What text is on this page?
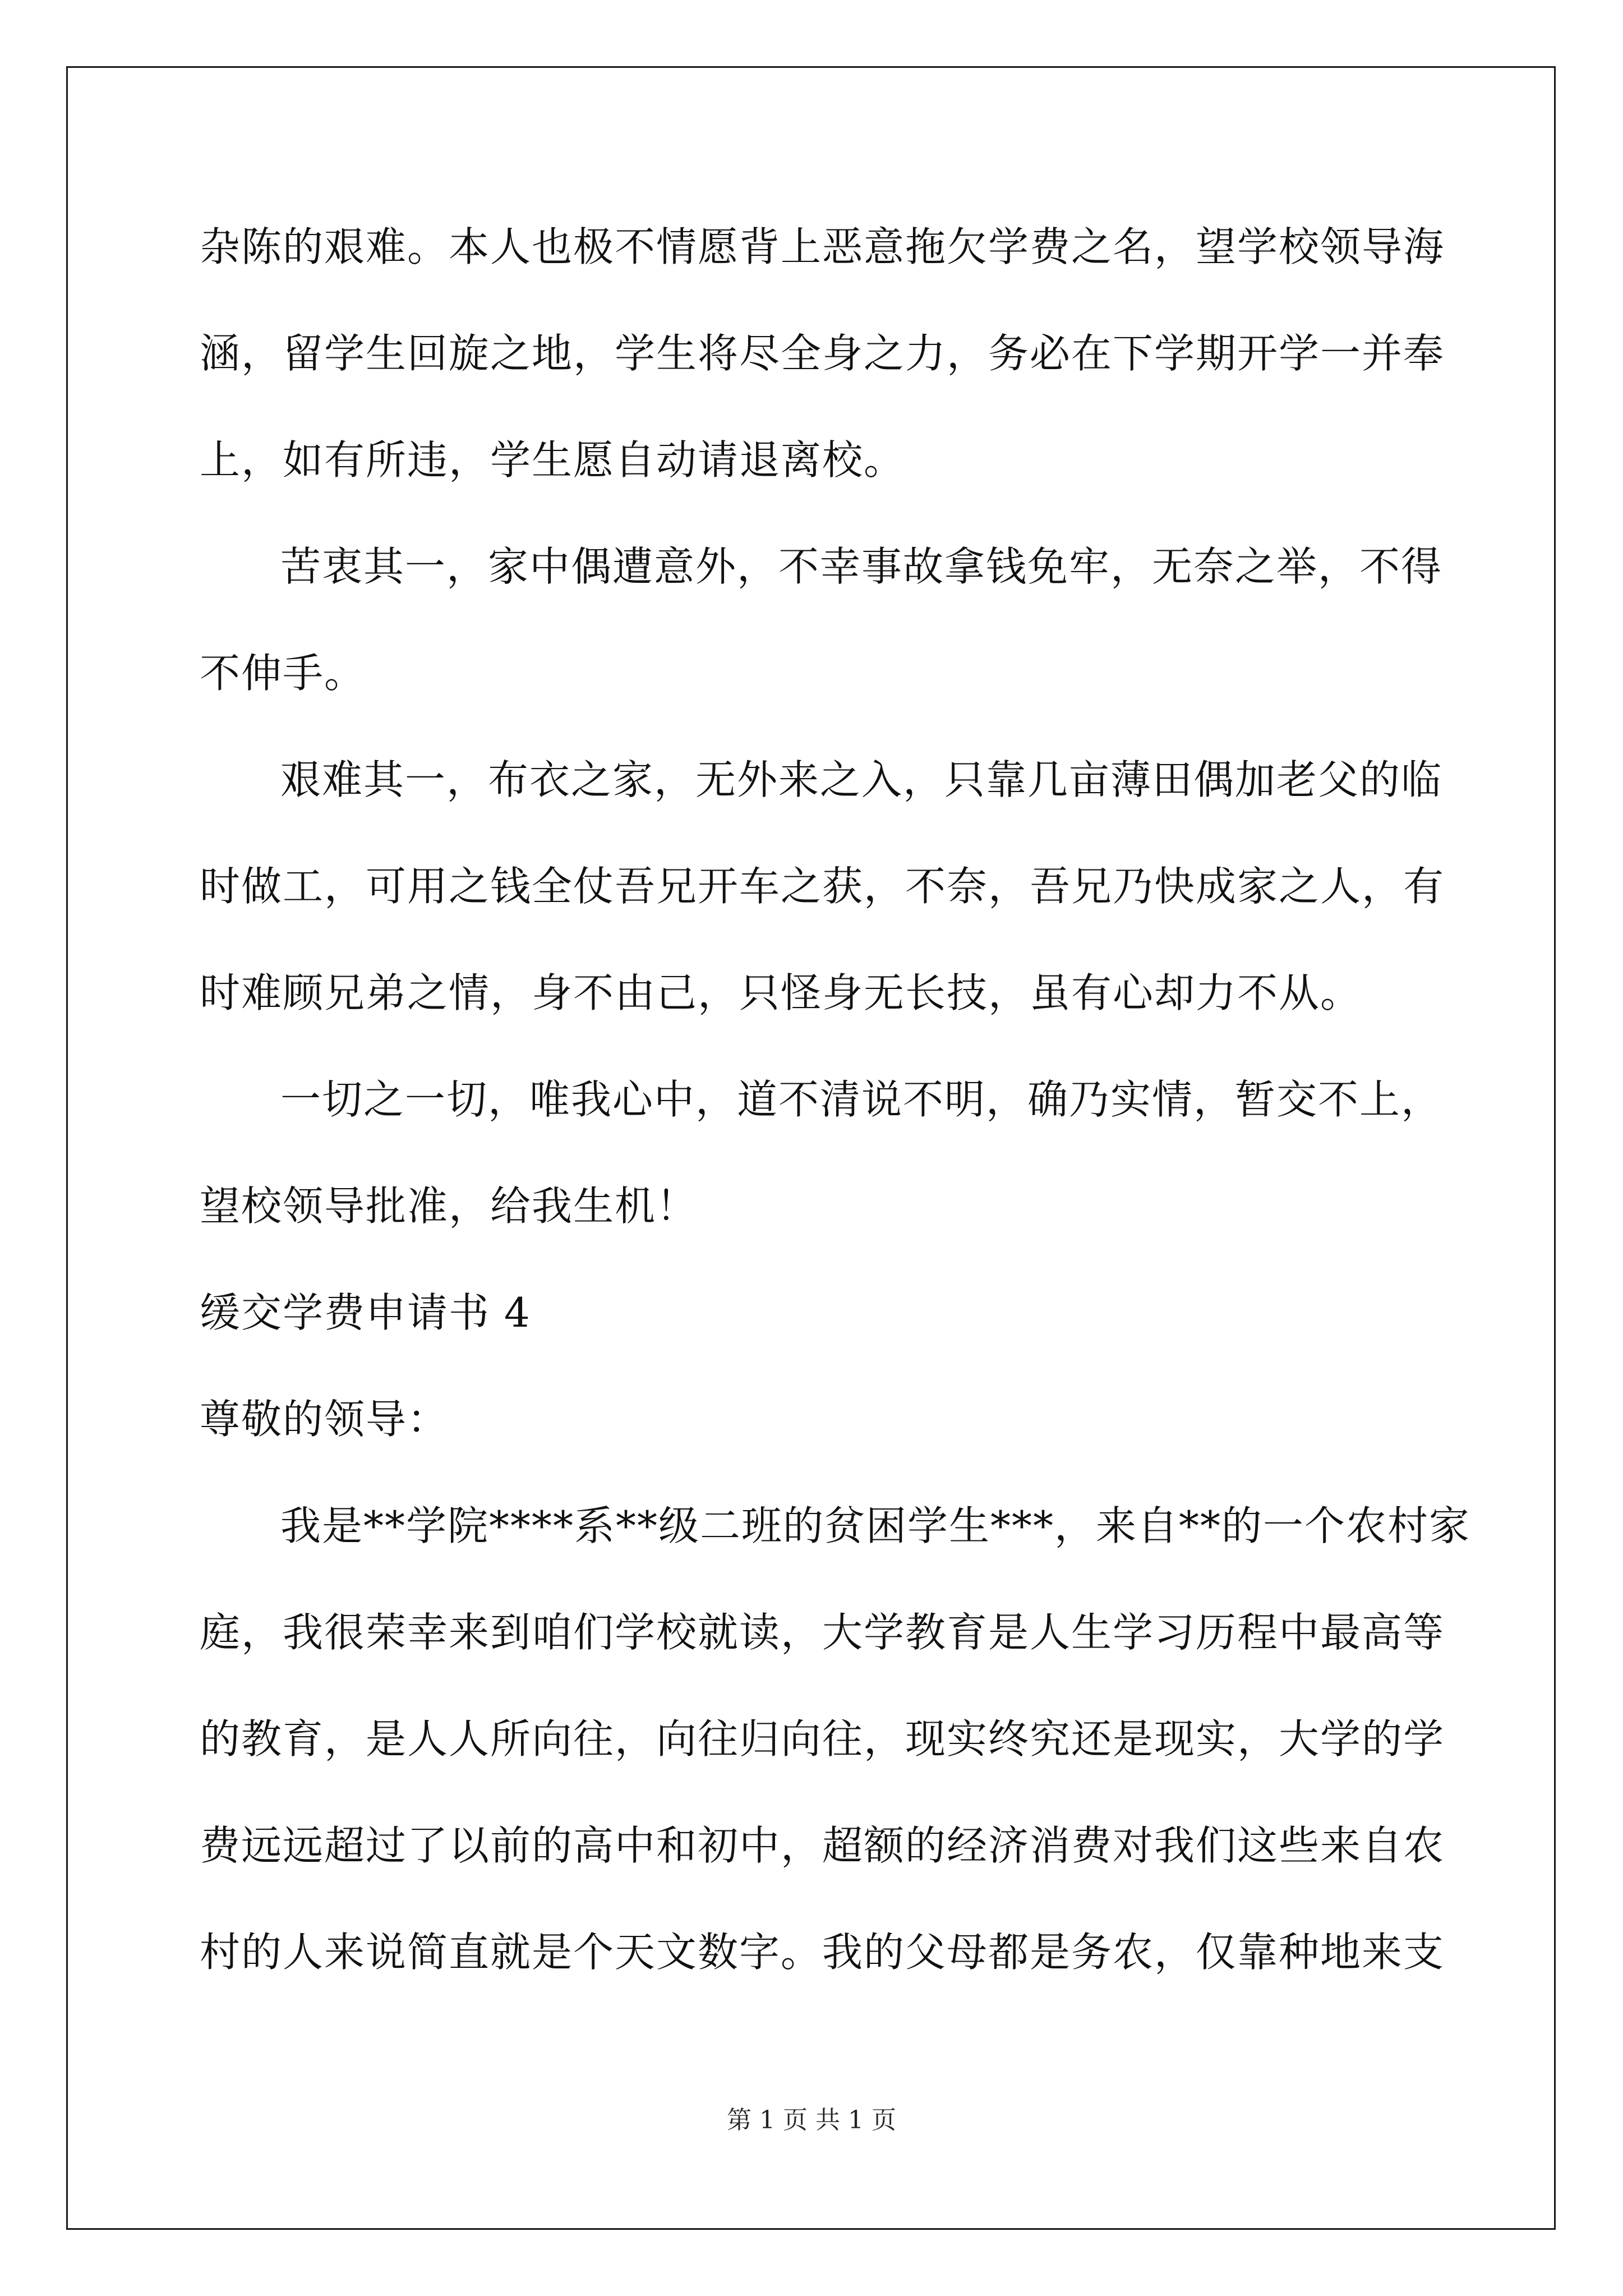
杂陈的艰难。本人也极不情愿背上恶意拖欠学费之名，望学校领导海
涵，留学生回旋之地，学生将尽全身之力，务必在下学期开学一并奉
上，如有所违，学生愿自动请退离校。
苦衷其一，家中偶遭意外，不幸事故拿钱免牢，无奈之举，不得
不伸手。
艰难其一，布衣之家，无外来之入，只靠几亩薄田偶加老父的临
时做工，可用之钱全仗吾兄开车之获，不奈，吾兄乃快成家之人，有
时难顾兄弟之情，身不由己，只怪身无长技，虽有心却力不从。
一切之一切，唯我心中，道不清说不明，确乃实情，暂交不上，
望校领导批准，给我生机！
缓交学费申请书 4
尊敬的领导：
我是**学院****系**级二班的贫困学生***，来自**的一个农村家
庭，我很荣幸来到咱们学校就读，大学教育是人生学习历程中最高等
的教育，是人人所向往，向往归向往，现实终究还是现实，大学的学
费远远超过了以前的高中和初中，超额的经济消费对我们这些来自农
村的人来说简直就是个天文数字。我的父母都是务农，仅靠种地来支
第 1 页 共 1 页
